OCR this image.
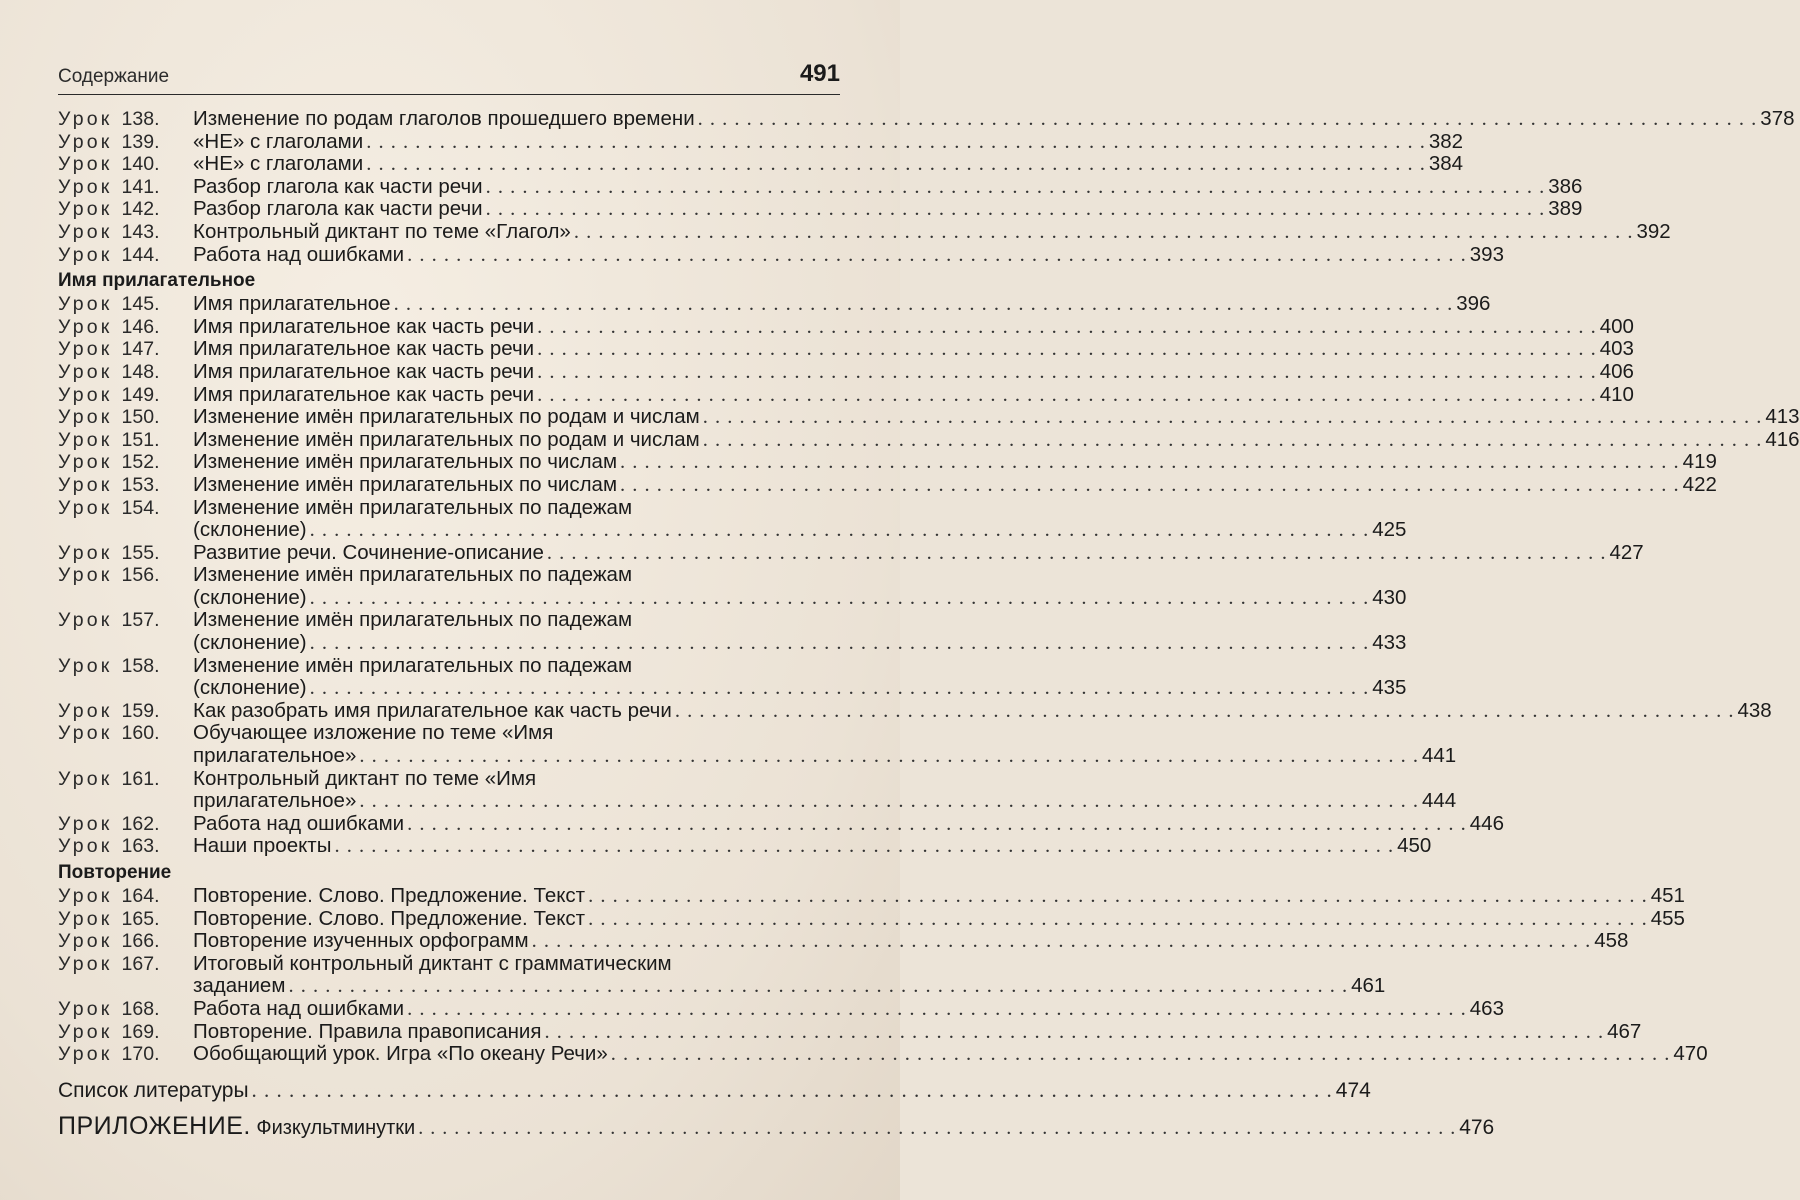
Содержание	491
Урок 138.	Изменение по родам глаголов прошедшего времени . . .	378
Урок 139.	«НЕ» с глаголами . . .	382
Урок 140.	«НЕ» с глаголами . . .	384
Урок 141.	Разбор глагола как части речи . . .	386
Урок 142.	Разбор глагола как части речи . . .	389
Урок 143.	Контрольный диктант по теме «Глагол» . . .	392
Урок 144.	Работа над ошибками . . .	393
Имя прилагательное
Урок 145.	Имя прилагательное . . .	396
Урок 146.	Имя прилагательное как часть речи . . .	400
Урок 147.	Имя прилагательное как часть речи . . .	403
Урок 148.	Имя прилагательное как часть речи . . .	406
Урок 149.	Имя прилагательное как часть речи . . .	410
Урок 150.	Изменение имён прилагательных по родам и числам . . .	413
Урок 151.	Изменение имён прилагательных по родам и числам . . .	416
Урок 152.	Изменение имён прилагательных по числам . . .	419
Урок 153.	Изменение имён прилагательных по числам . . .	422
Урок 154.	Изменение имён прилагательных по падежам
(склонение) . . .	425
Урок 155.	Развитие речи. Сочинение-описание . . .	427
Урок 156.	Изменение имён прилагательных по падежам
(склонение) . . .	430
Урок 157.	Изменение имён прилагательных по падежам
(склонение) . . .	433
Урок 158.	Изменение имён прилагательных по падежам
(склонение) . . .	435
Урок 159.	Как разобрать имя прилагательное как часть речи . . .	438
Урок 160.	Обучающее изложение по теме «Имя
прилагательное» . . .	441
Урок 161.	Контрольный диктант по теме «Имя
прилагательное» . . .	444
Урок 162.	Работа над ошибками . . .	446
Урок 163.	Наши проекты . . .	450
Повторение
Урок 164.	Повторение. Слово. Предложение. Текст . . .	451
Урок 165.	Повторение. Слово. Предложение. Текст . . .	455
Урок 166.	Повторение изученных орфограмм . . .	458
Урок 167.	Итоговый контрольный диктант с грамматическим
заданием . . .	461
Урок 168.	Работа над ошибками . . .	463
Урок 169.	Повторение. Правила правописания . . .	467
Урок 170.	Обобщающий урок. Игра «По океану Речи» . . .	470
Список литературы . . .	474
ПРИЛОЖЕНИЕ. Физкультминутки . . .	476
